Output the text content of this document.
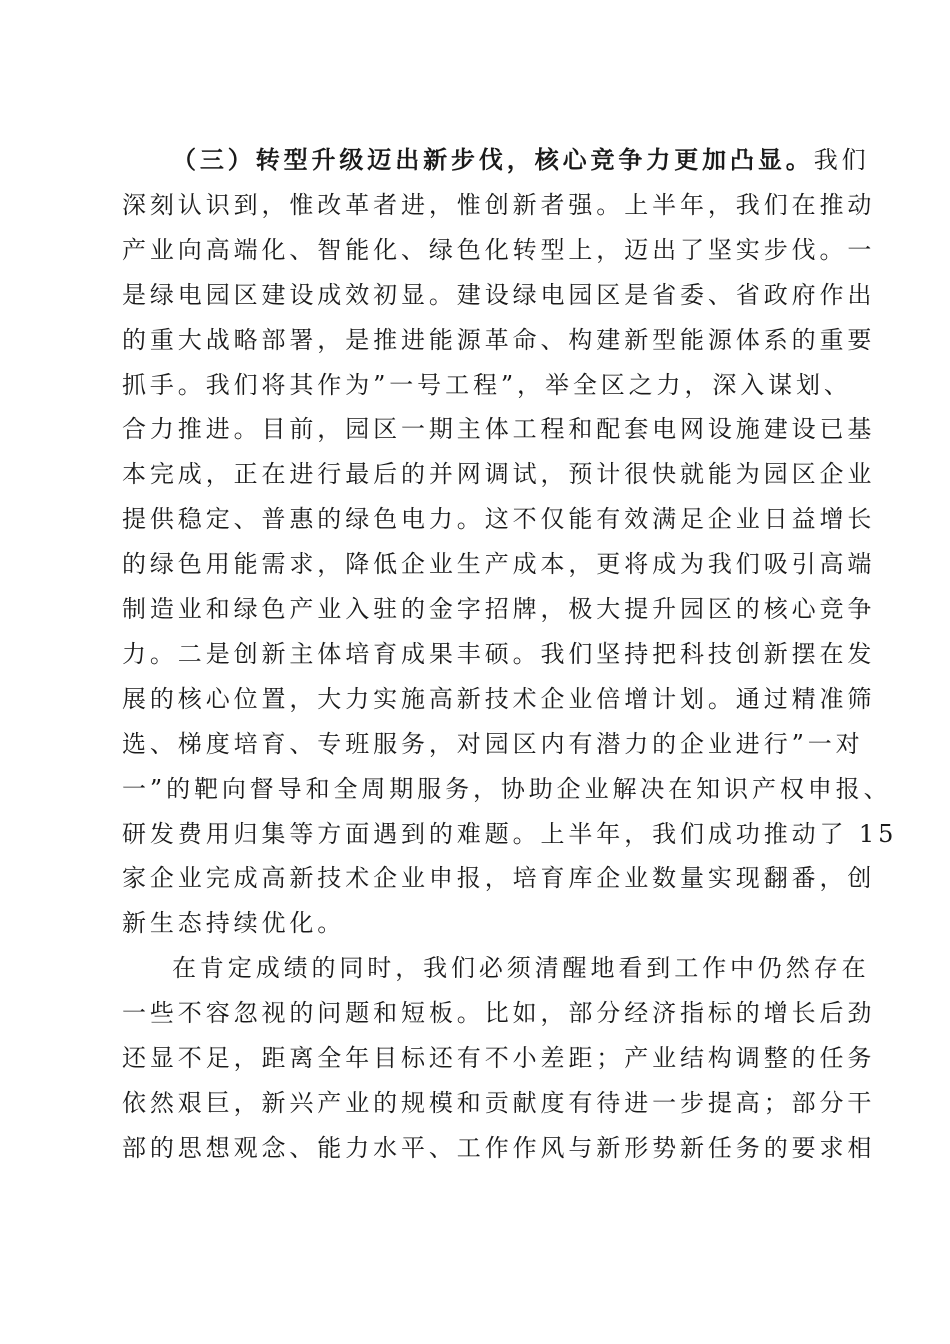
（三）转型升级迈出新步伐，核心竞争力更加凸显。我们
深刻认识到，惟改革者进，惟创新者强。上半年，我们在推动
产业向高端化、智能化、绿色化转型上，迈出了坚实步伐。一
是绿电园区建设成效初显。建设绿电园区是省委、省政府作出
的重大战略部署，是推进能源革命、构建新型能源体系的重要
抓手。我们将其作为”一号工程”，举全区之力，深入谋划、
合力推进。目前，园区一期主体工程和配套电网设施建设已基
本完成，正在进行最后的并网调试，预计很快就能为园区企业
提供稳定、普惠的绿色电力。这不仅能有效满足企业日益增长
的绿色用能需求，降低企业生产成本，更将成为我们吸引高端
制造业和绿色产业入驻的金字招牌，极大提升园区的核心竞争
力。二是创新主体培育成果丰硕。我们坚持把科技创新摆在发
展的核心位置，大力实施高新技术企业倍增计划。通过精准筛
选、梯度培育、专班服务，对园区内有潜力的企业进行”一对
一”的靶向督导和全周期服务，协助企业解决在知识产权申报、
研发费用归集等方面遇到的难题。上半年，我们成功推动了 15
家企业完成高新技术企业申报，培育库企业数量实现翻番，创
新生态持续优化。
在肯定成绩的同时，我们必须清醒地看到工作中仍然存在
一些不容忽视的问题和短板。比如，部分经济指标的增长后劲
还显不足，距离全年目标还有不小差距；产业结构调整的任务
依然艰巨，新兴产业的规模和贡献度有待进一步提高；部分干
部的思想观念、能力水平、工作作风与新形势新任务的要求相
